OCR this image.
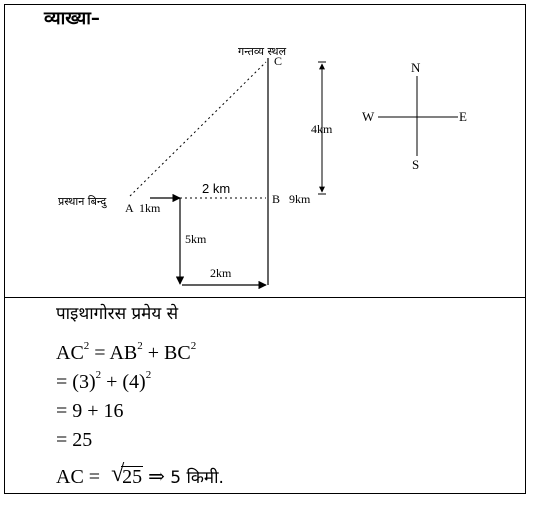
व्याख्या–
N
S
W	E
गन्तव्य स्थल
C
प्रस्थान बिन्दु A 1km
2 km
B 9km
4km
5km
2km
पाइथागोरस प्रमेय से
$AC^2 = AB^2 + BC^2$
= $(3)^2 + (4)^2$
= 9 + 16
= 25
AC = √
25 ⇒ 5 किमी.
